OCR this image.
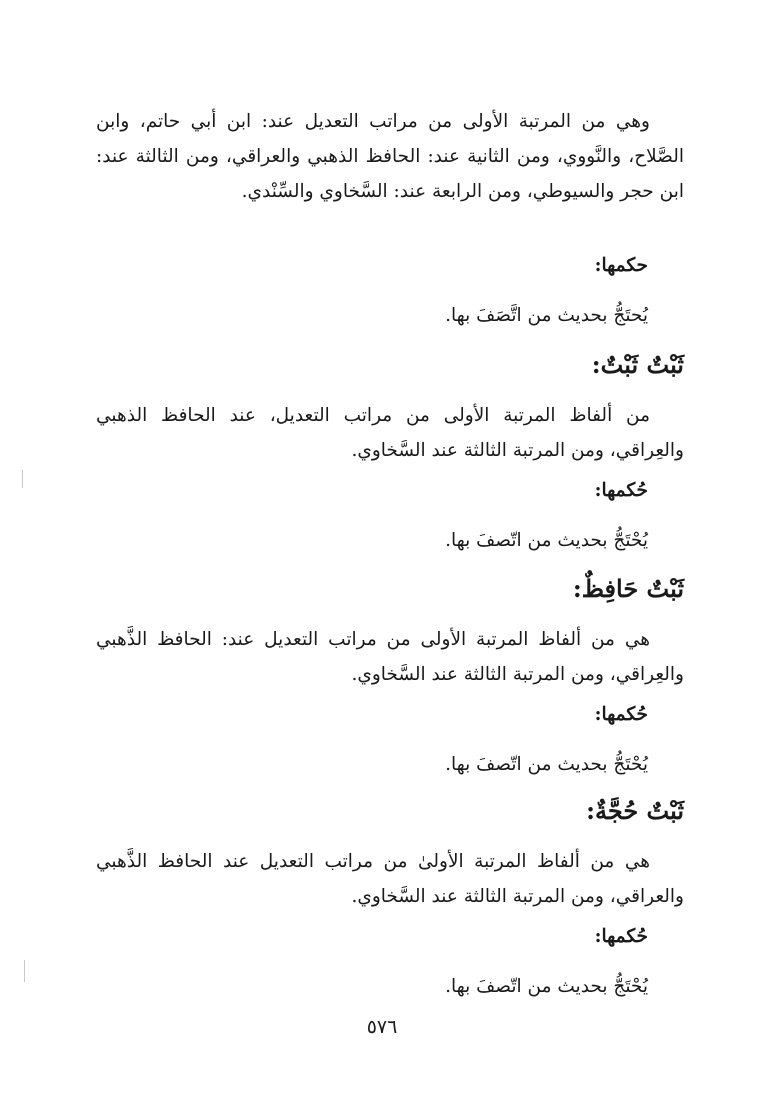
وهي من المرتبة الأولى من مراتب التعديل عند: ابن أبي حاتم، وابن الصَّلاح، والنَّووي، ومن الثانية عند: الحافظ الذهبي والعراقي، ومن الثالثة عند: ابن حجر والسيوطي، ومن الرابعة عند: السَّخاوي والسِّنْدي.

حكمها:

يُحتَجُّ بحديث من اتَّصَفَ بها.

ثَبْتٌ ثَبْتٌ:

من ألفاظ المرتبة الأولى من مراتب التعديل، عند الحافظ الذهبي والعِراقي، ومن المرتبة الثالثة عند السَّخاوي.

حُكمها:

يُحْتَجُّ بحديث من اتّصفَ بها.

ثَبْتٌ حَافِظٌ:

هي من ألفاظ المرتبة الأولى من مراتب التعديل عند: الحافظ الذَّهبي والعِراقي، ومن المرتبة الثالثة عند السَّخاوي.

حُكمها:

يُحْتَجُّ بحديث من اتّصفَ بها.

ثَبْتٌ حُجَّةٌ:

هي من ألفاظ المرتبة الأولىٰ من مراتب التعديل عند الحافظ الذَّهبي والعراقي، ومن المرتبة الثالثة عند السَّخاوي.

حُكمها:

يُحْتَجُّ بحديث من اتّصفَ بها.

٥٧٦
